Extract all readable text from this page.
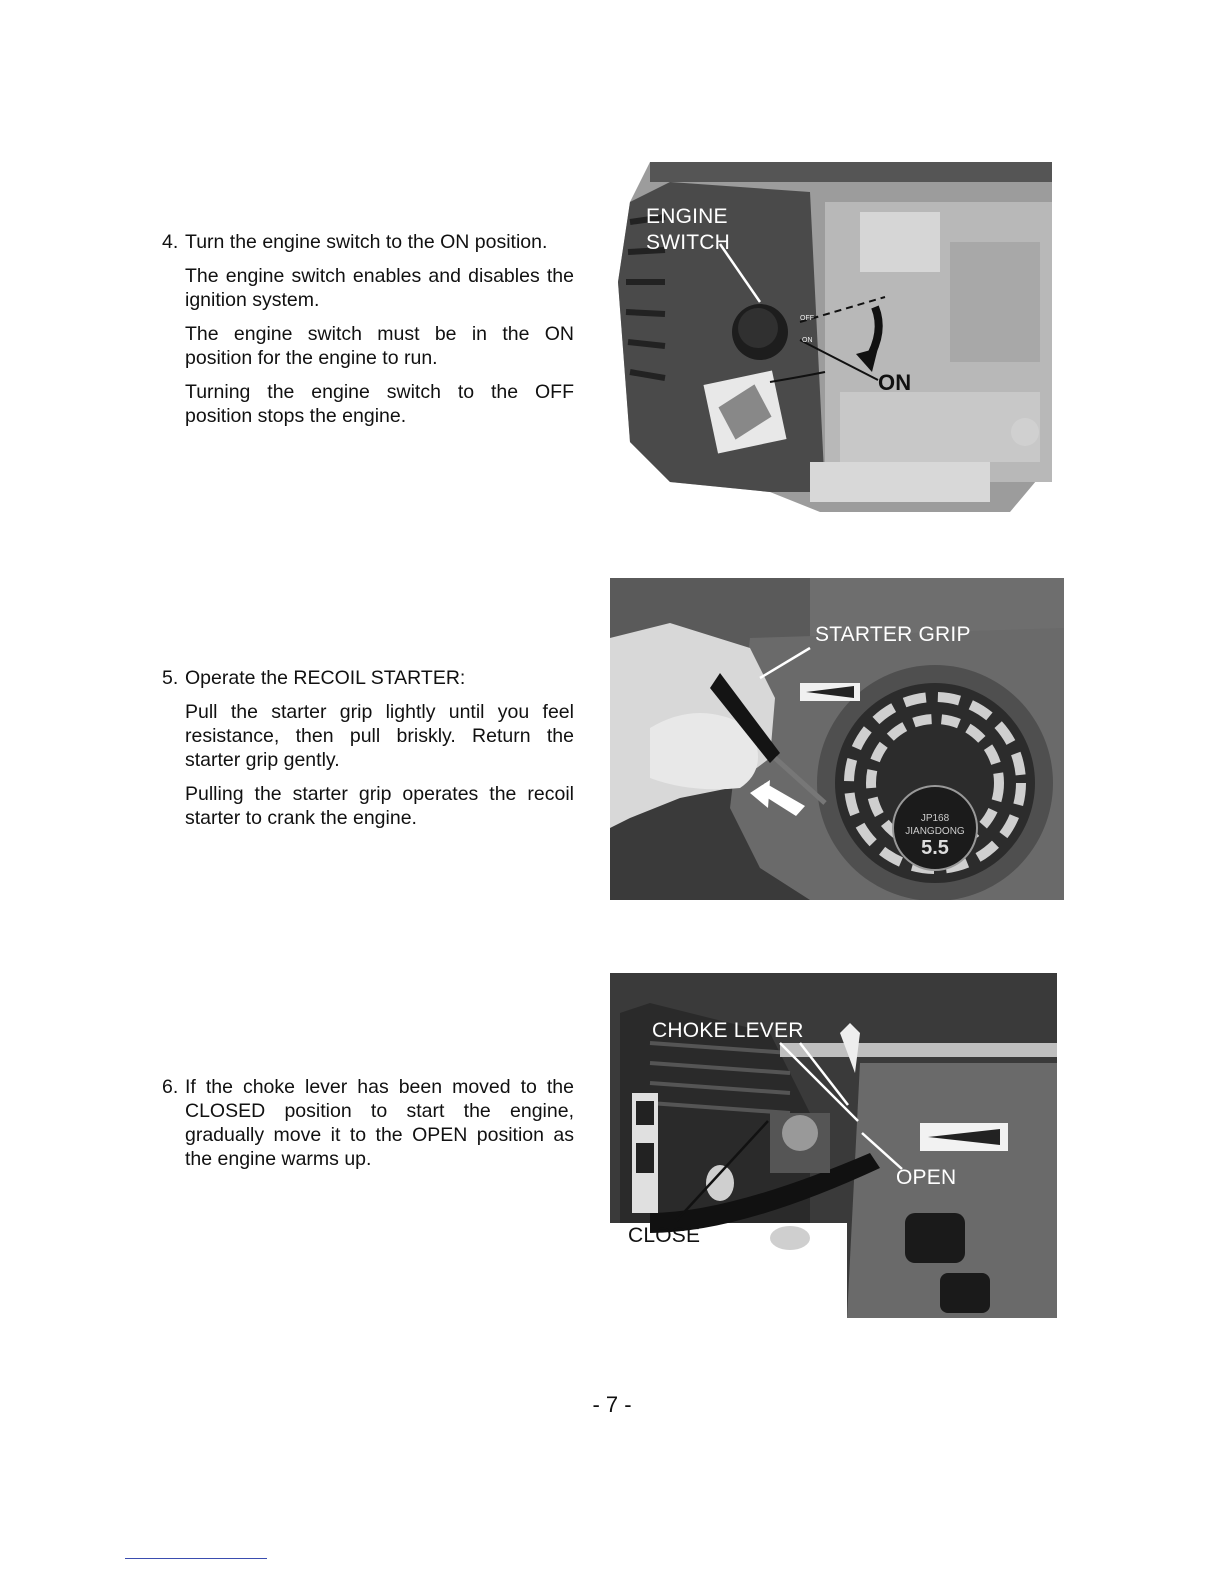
4. Turn the engine switch to the ON position.

The engine switch enables and disables the ignition system.

The engine switch must be in the ON position for the engine to run.

Turning the engine switch to the OFF position stops the engine.

5. Operate the RECOIL STARTER:

Pull the starter grip lightly until you feel resistance, then pull briskly. Return the starter grip gently.

Pulling the starter grip operates the recoil starter to crank the engine.

6. If the choke lever has been moved to the CLOSED position to start the engine, gradually move it to the OPEN position as the engine warms up.
OFF
ON
ENGINE
SWITCH
ON
JP168
JIANGDONG
5.5
STARTER GRIP
CHOKE LEVER
OPEN
CLOSE
- 7 -
